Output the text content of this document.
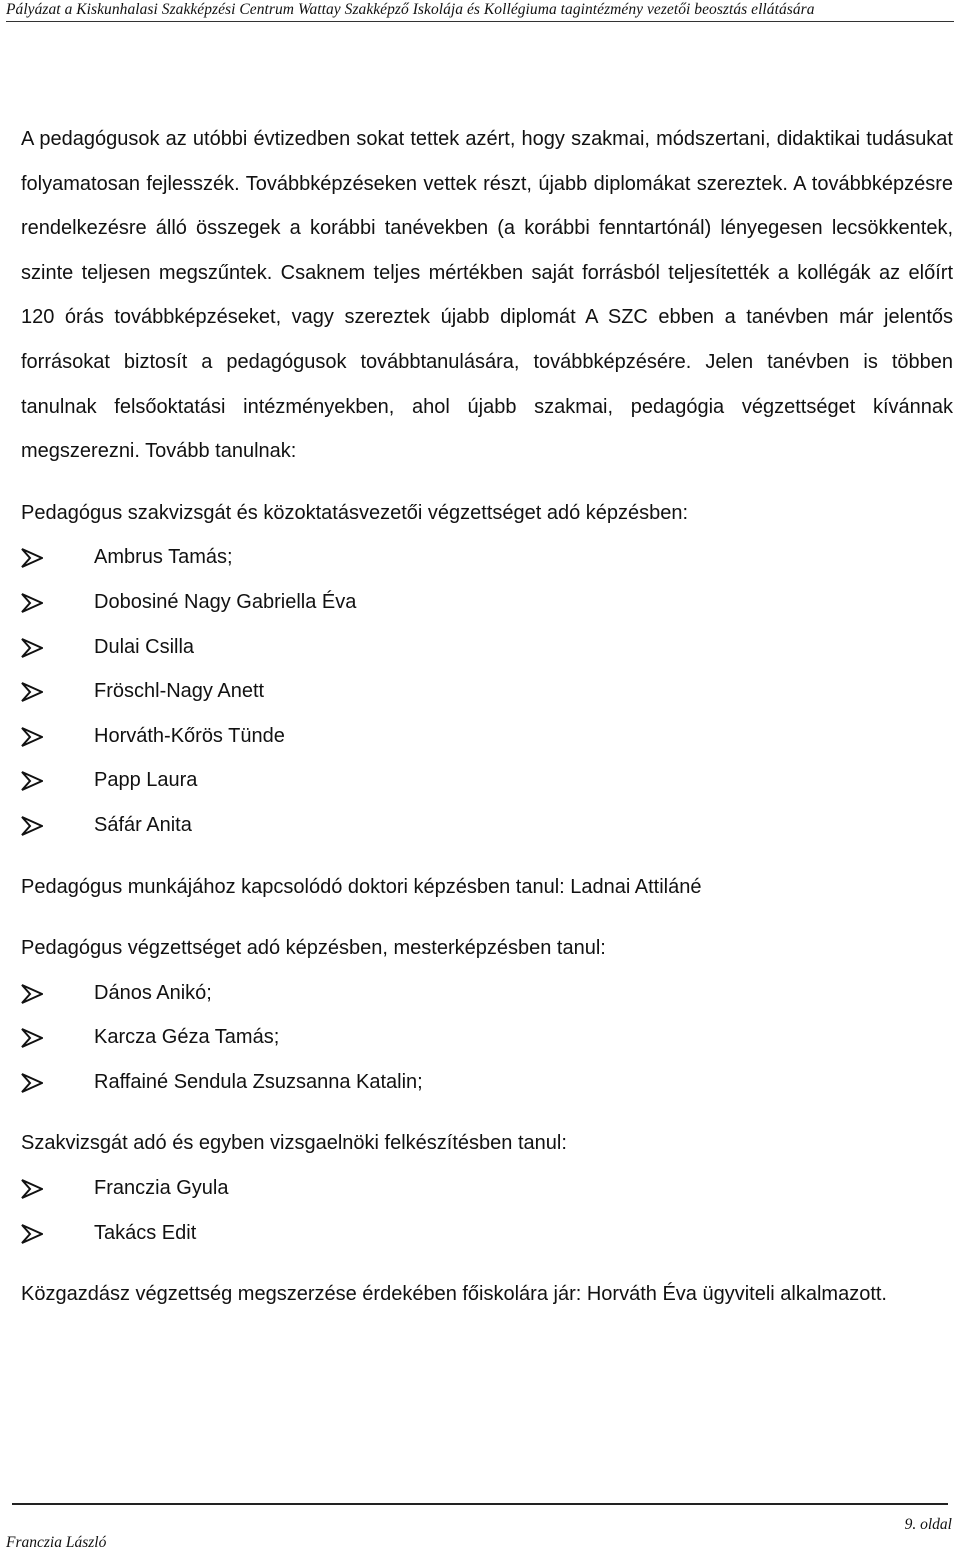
Pályázat a Kiskunhalasi Szakképzési Centrum Wattay Szakképző Iskolája és Kollégiuma tagintézmény vezetői beosztás ellátására

A pedagógusok az utóbbi évtizedben sokat tettek azért, hogy szakmai, módszertani, didaktikai tudásukat folyamatosan fejlesszék. Továbbképzéseken vettek részt, újabb diplomákat szereztek. A továbbképzésre rendelkezésre álló összegek a korábbi tanévekben (a korábbi fenntartónál) lényegesen lecsökkentek, szinte teljesen megszűntek. Csaknem teljes mértékben saját forrásból teljesítették a kollégák az előírt 120 órás továbbképzéseket, vagy szereztek újabb diplomát A SZC ebben a tanévben már jelentős forrásokat biztosít a pedagógusok továbbtanulására, továbbképzésére. Jelen tanévben is többen tanulnak felsőoktatási intézményekben, ahol újabb szakmai, pedagógia végzettséget kívánnak megszerezni. Tovább tanulnak:

Pedagógus szakvizsgát és közoktatásvezetői végzettséget adó képzésben:

Ambrus Tamás;
Dobosiné Nagy Gabriella Éva
Dulai Csilla
Fröschl-Nagy Anett
Horváth-Kőrös Tünde
Papp Laura
Sáfár Anita

Pedagógus munkájához kapcsolódó doktori képzésben tanul: Ladnai Attiláné

Pedagógus végzettséget adó képzésben, mesterképzésben tanul:

Dános Anikó;
Karcza Géza Tamás;
Raffainé Sendula Zsuzsanna Katalin;

Szakvizsgát adó és egyben vizsgaelnöki felkészítésben tanul:

Franczia Gyula
Takács Edit

Közgazdász végzettség megszerzése érdekében főiskolára jár: Horváth Éva ügyviteli alkalmazott.

9. oldal
Franczia László
